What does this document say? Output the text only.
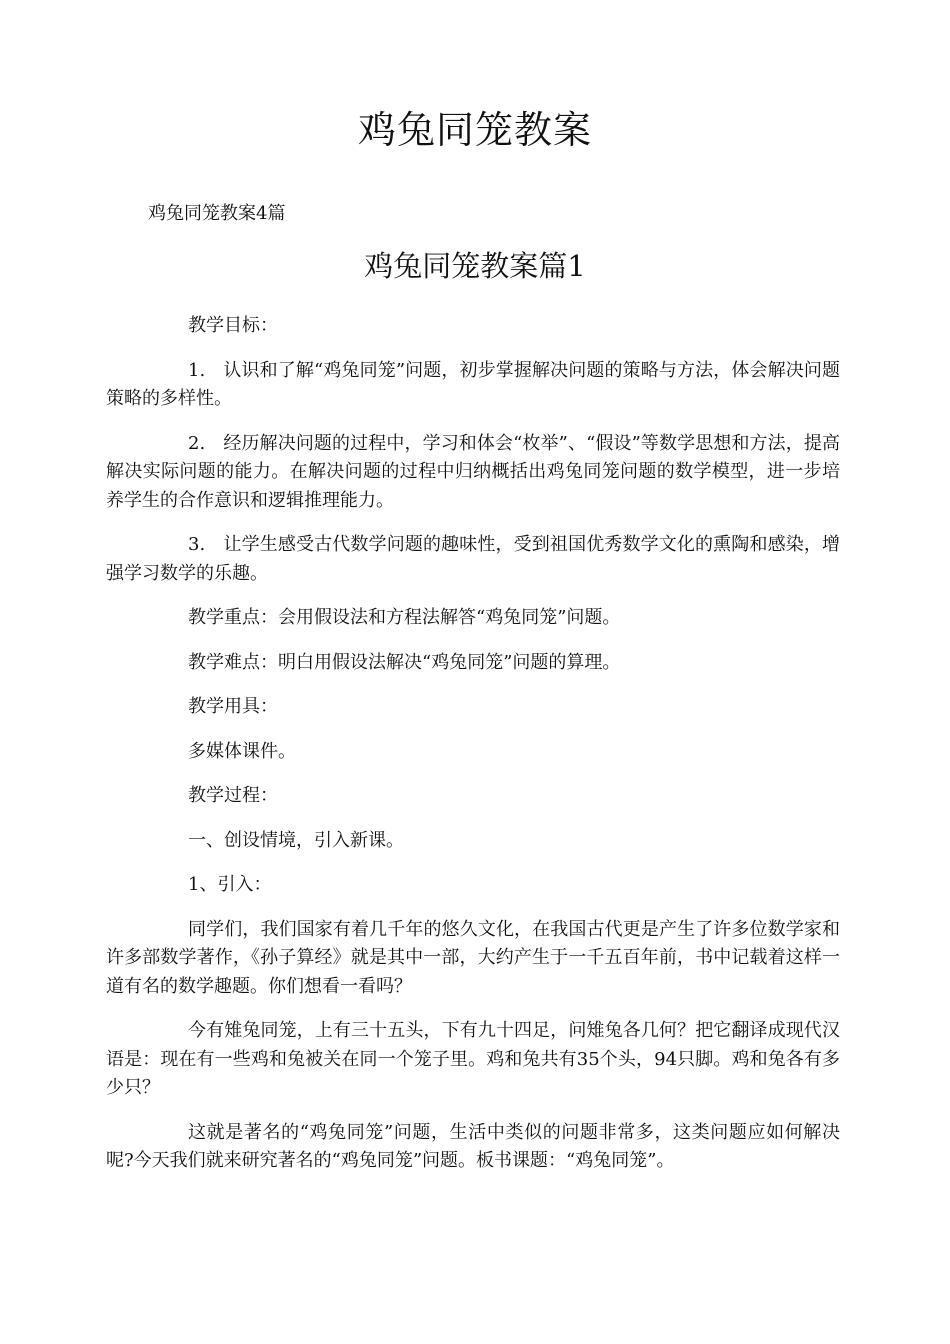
鸡兔同笼教案

鸡兔同笼教案4篇

鸡兔同笼教案篇1

教学目标：

1.　认识和了解“鸡兔同笼”问题，初步掌握解决问题的策略与方法，体会解决问题策略的多样性。

2.　经历解决问题的过程中，学习和体会“枚举”、“假设”等数学思想和方法，提高解决实际问题的能力。在解决问题的过程中归纳概括出鸡兔同笼问题的数学模型，进一步培养学生的合作意识和逻辑推理能力。

3.　让学生感受古代数学问题的趣味性，受到祖国优秀数学文化的熏陶和感染，增强学习数学的乐趣。

教学重点：会用假设法和方程法解答“鸡兔同笼”问题。

教学难点：明白用假设法解决“鸡兔同笼”问题的算理。

教学用具：

多媒体课件。

教学过程：

一、创设情境，引入新课。

1、引入：

同学们，我们国家有着几千年的悠久文化，在我国古代更是产生了许多位数学家和许多部数学著作，《孙子算经》就是其中一部，大约产生于一千五百年前，书中记载着这样一道有名的数学趣题。你们想看一看吗？

今有雉兔同笼，上有三十五头，下有九十四足，问雉兔各几何？把它翻译成现代汉语是：现在有一些鸡和兔被关在同一个笼子里。鸡和兔共有35个头，94只脚。鸡和兔各有多少只？

这就是著名的“鸡兔同笼”问题，生活中类似的问题非常多，这类问题应如何解决呢?今天我们就来研究著名的“鸡兔同笼”问题。板书课题：“鸡兔同笼”。
